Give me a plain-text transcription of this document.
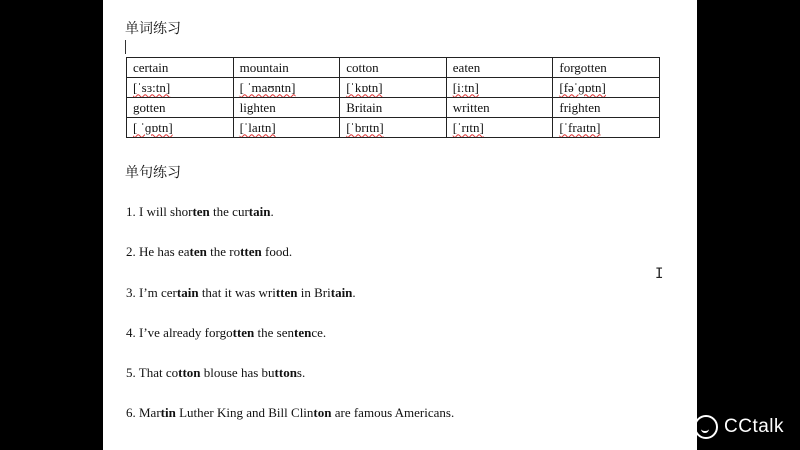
单词练习
certain	mountain	cotton	eaten	forgotten
[ˈsɜ:tn]	[ ˈmaʊntn]	[ˈkɒtn]	[iːtn]	[fəˈɡɒtn]
gotten	lighten	Britain	written	frighten
[ ˈɡɒtn]	[ˈlaɪtn]	[ˈbrɪtn]	[ˈrɪtn]	[ˈfraɪtn]
单句练习
1. I will shorten the curtain.
2. He has eaten the rotten food.
3. I’m certain that it was written in Britain.
4. I’ve already forgotten the sentence.
5. That cotton blouse has buttons.
6. Martin Luther King and Bill Clinton are famous Americans.
I
CCtalk
